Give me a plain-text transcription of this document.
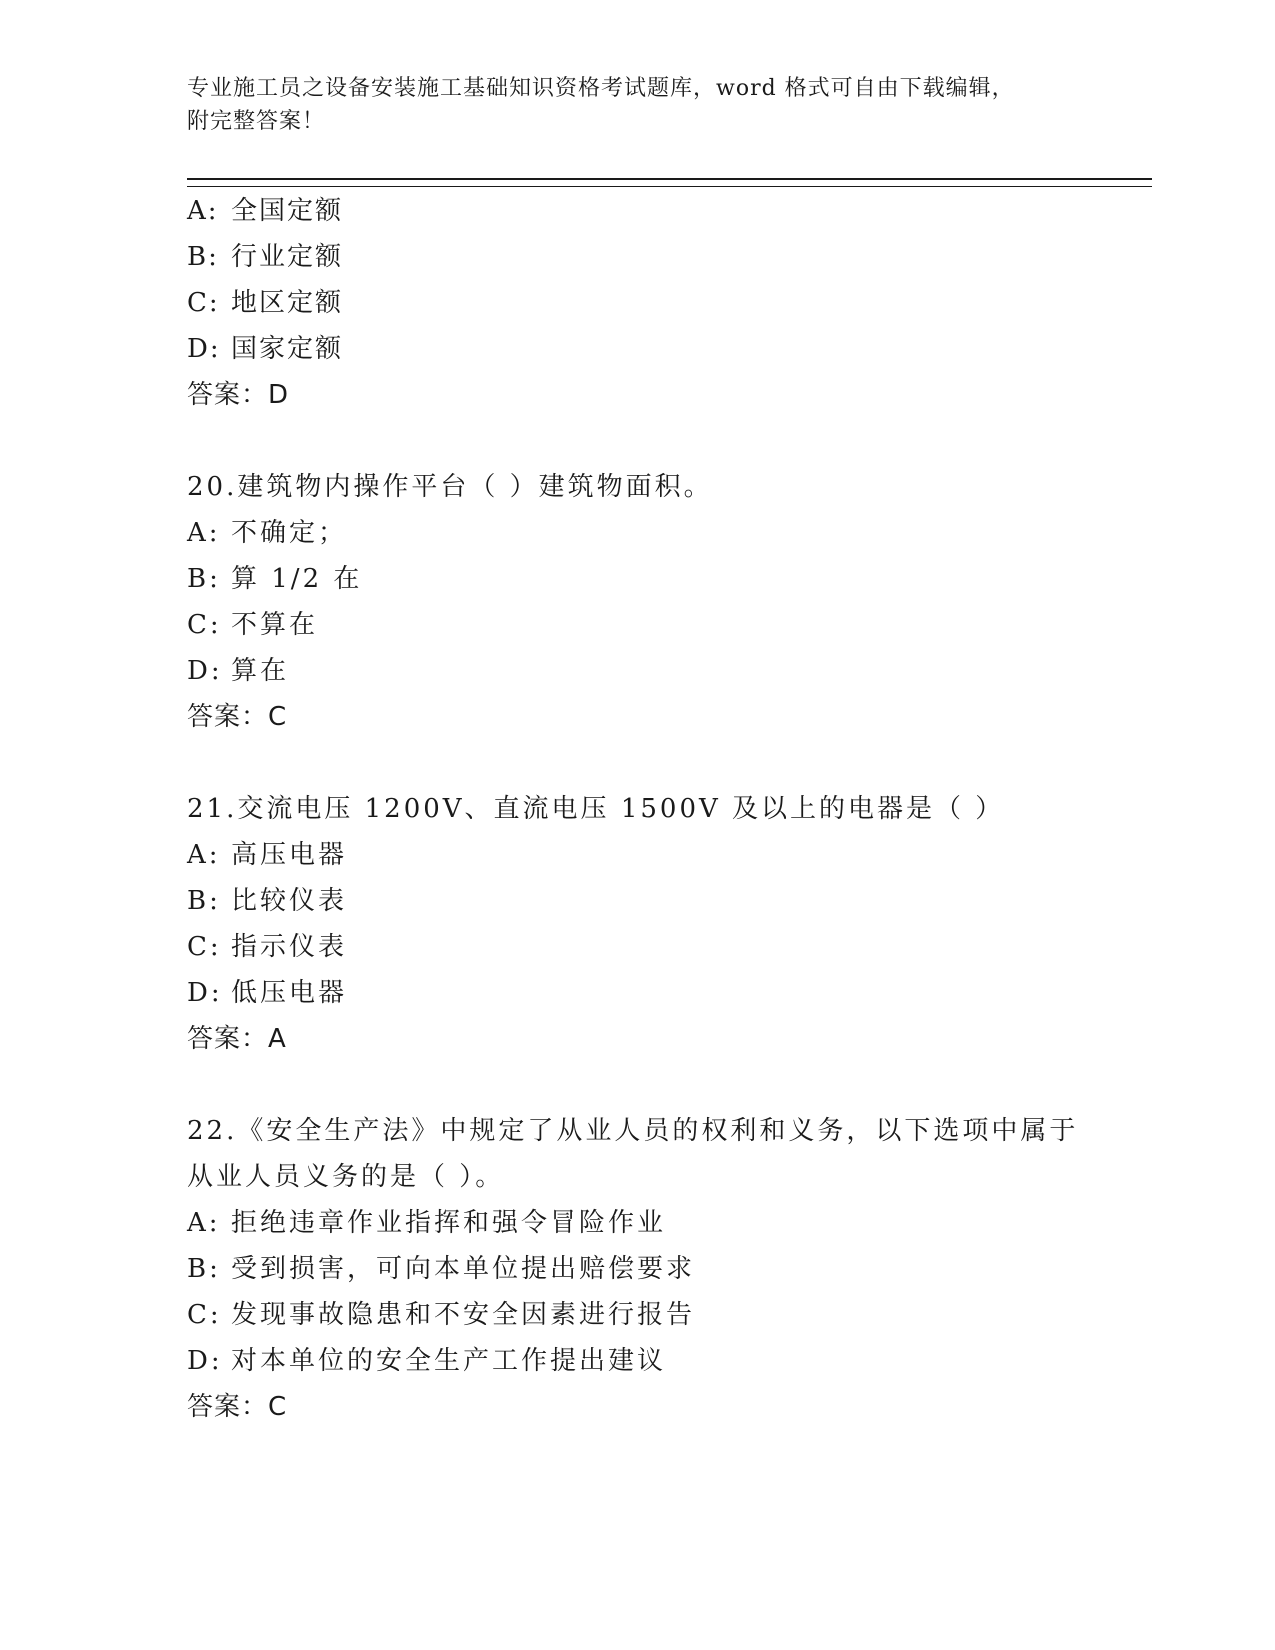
专业施工员之设备安装施工基础知识资格考试题库，word 格式可自由下载编辑，
附完整答案！
A: 全国定额
B: 行业定额
C: 地区定额
D: 国家定额
答案：D
20.建筑物内操作平台（ ）建筑物面积。
A: 不确定；
B: 算 1/2 在
C: 不算在
D: 算在
答案：C
21.交流电压 1200V、直流电压 1500V 及以上的电器是（ ）
A: 高压电器
B: 比较仪表
C: 指示仪表
D: 低压电器
答案：A
22.《安全生产法》中规定了从业人员的权利和义务，以下选项中属于
从业人员义务的是（ ）。
A: 拒绝违章作业指挥和强令冒险作业
B: 受到损害，可向本单位提出赔偿要求
C: 发现事故隐患和不安全因素进行报告
D: 对本单位的安全生产工作提出建议
答案：C
